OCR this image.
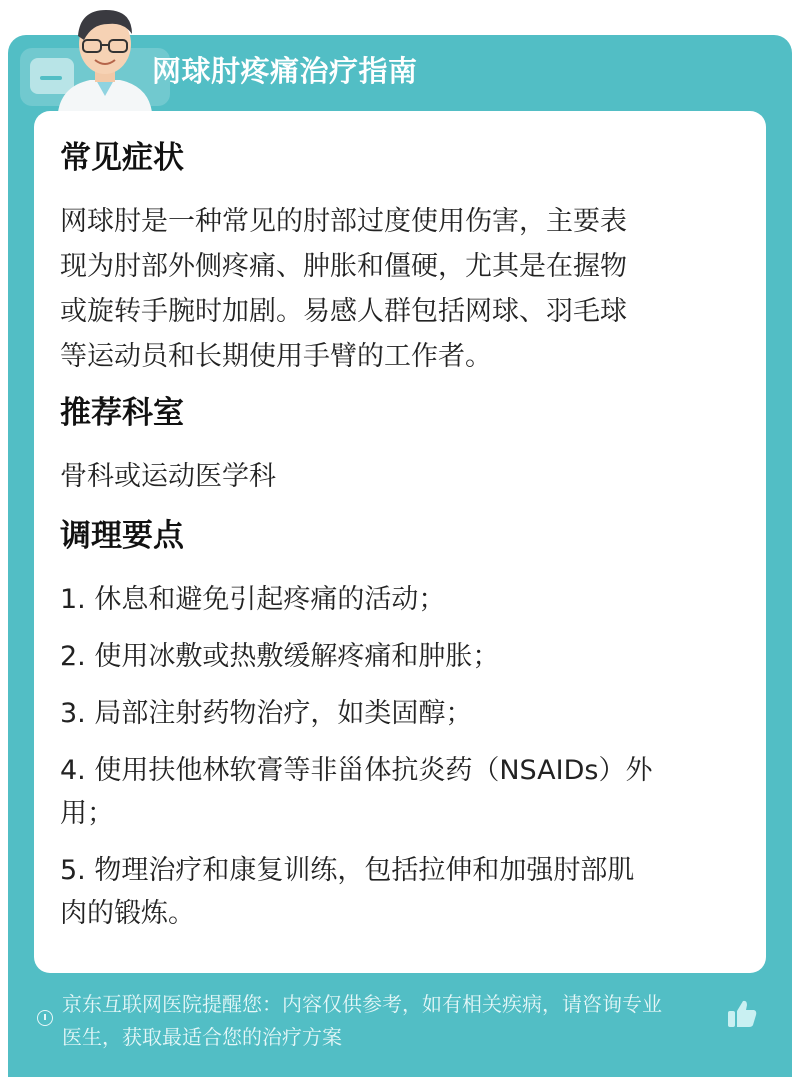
网球肘疼痛治疗指南
常见症状
网球肘是一种常见的肘部过度使用伤害，主要表
现为肘部外侧疼痛、肿胀和僵硬，尤其是在握物
或旋转手腕时加剧。易感人群包括网球、羽毛球
等运动员和长期使用手臂的工作者。
推荐科室
骨科或运动医学科
调理要点
1. 休息和避免引起疼痛的活动；
2. 使用冰敷或热敷缓解疼痛和肿胀；
3. 局部注射药物治疗，如类固醇；
4. 使用扶他林软膏等非甾体抗炎药（NSAIDs）外
用；
5. 物理治疗和康复训练，包括拉伸和加强肘部肌
肉的锻炼。
京东互联网医院提醒您：内容仅供参考，如有相关疾病，请咨询专业
医生，获取最适合您的治疗方案
